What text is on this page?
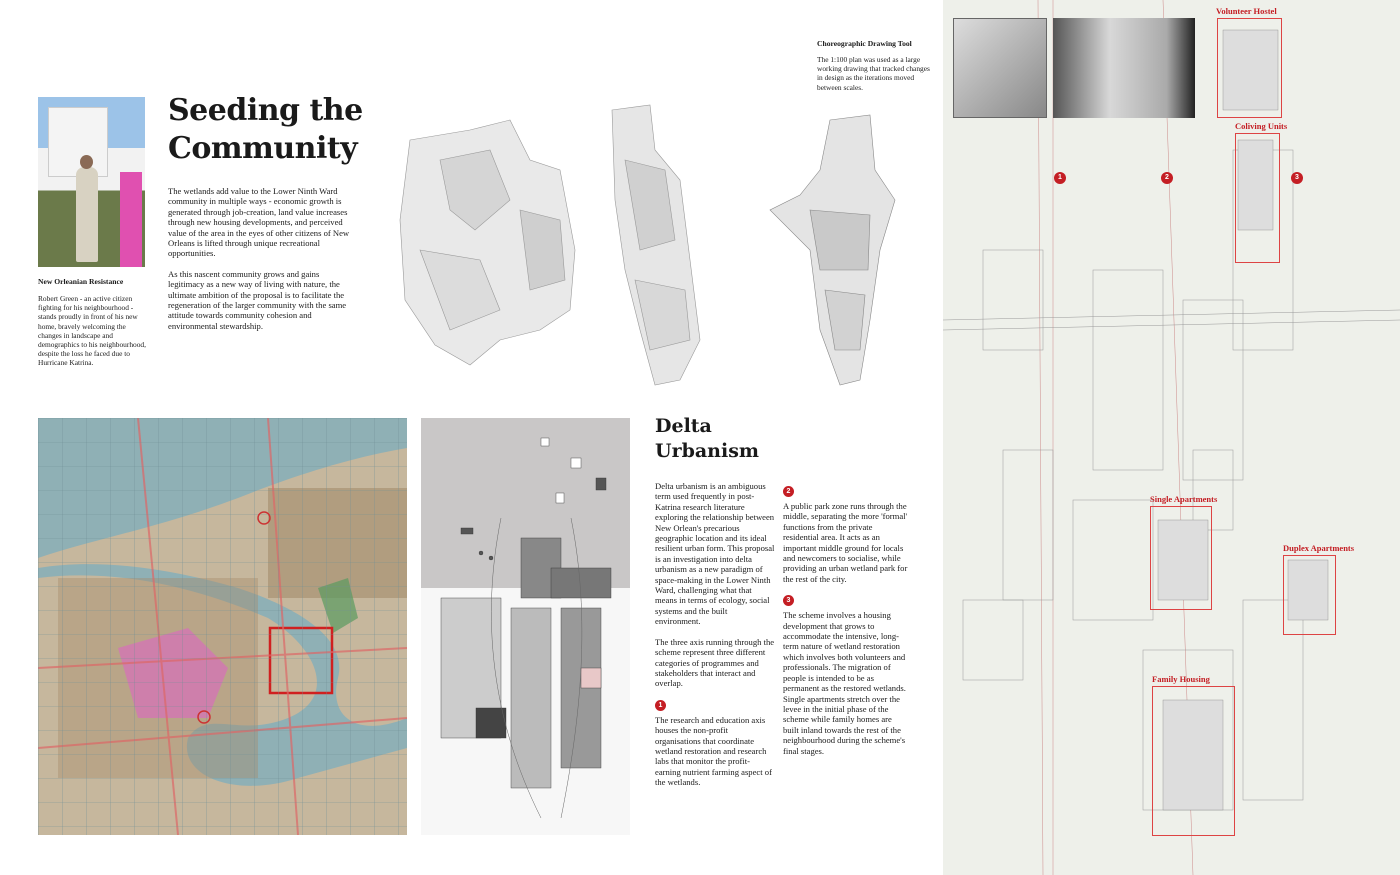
New Orleanian Resistance
Robert Green - an active citizen fighting for his neighbourhood - stands proudly in front of his new home, bravely welcoming the changes in landscape and demographics to his neighbourhood, despite the loss he faced due to Hurricane Katrina.
Seeding the
Community

The wetlands add value to the Lower Ninth Ward community in multiple ways - economic growth is generated through job-creation, land value increases through new housing developments, and perceived value of the area in the eyes of other citizens of New Orleans is lifted through unique recreational opportunities.

As this nascent community grows and gains legitimacy as a new way of living with nature, the ultimate ambition of the proposal is to facilitate the regeneration of the larger community with the same attitude towards community cohesion and environmental stewardship.

Choreographic Drawing Tool
The 1:100 plan was used as a large working drawing that tracked changes in design as the iterations moved between scales.
Delta
Urbanism

Delta urbanism is an ambiguous term used frequently in post-Katrina research literature exploring the relationship between New Orlean's precarious geographic location and its ideal resilient urban form. This proposal is an investigation into delta urbanism as a new paradigm of space-making in the Lower Ninth Ward, challenging what that means in terms of ecology, social systems and the built environment.

The three axis running through the scheme represent three different categories of programmes and stakeholders that interact and overlap.

1

The research and education axis houses the non-profit organisations that coordinate wetland restoration and research labs that monitor the profit-earning nutrient farming aspect of the wetlands.

2

A public park zone runs through the middle, separating the more 'formal' functions from the private residential area. It acts as an important middle ground for locals and newcomers to socialise, while providing an urban wetland park for the rest of the city.

3

The scheme involves a housing development that grows to accommodate the intensive, long-term nature of wetland restoration which involves both volunteers and professionals. The migration of people is intended to be as permanent as the restored wetlands. Single apartments stretch over the levee in the initial phase of the scheme while family homes are built inland towards the rest of the neighbourhood during the scheme's final stages.

Volunteer Hostel
Coliving Units
Single Apartments
Duplex Apartments
Family Housing
1	2	3
